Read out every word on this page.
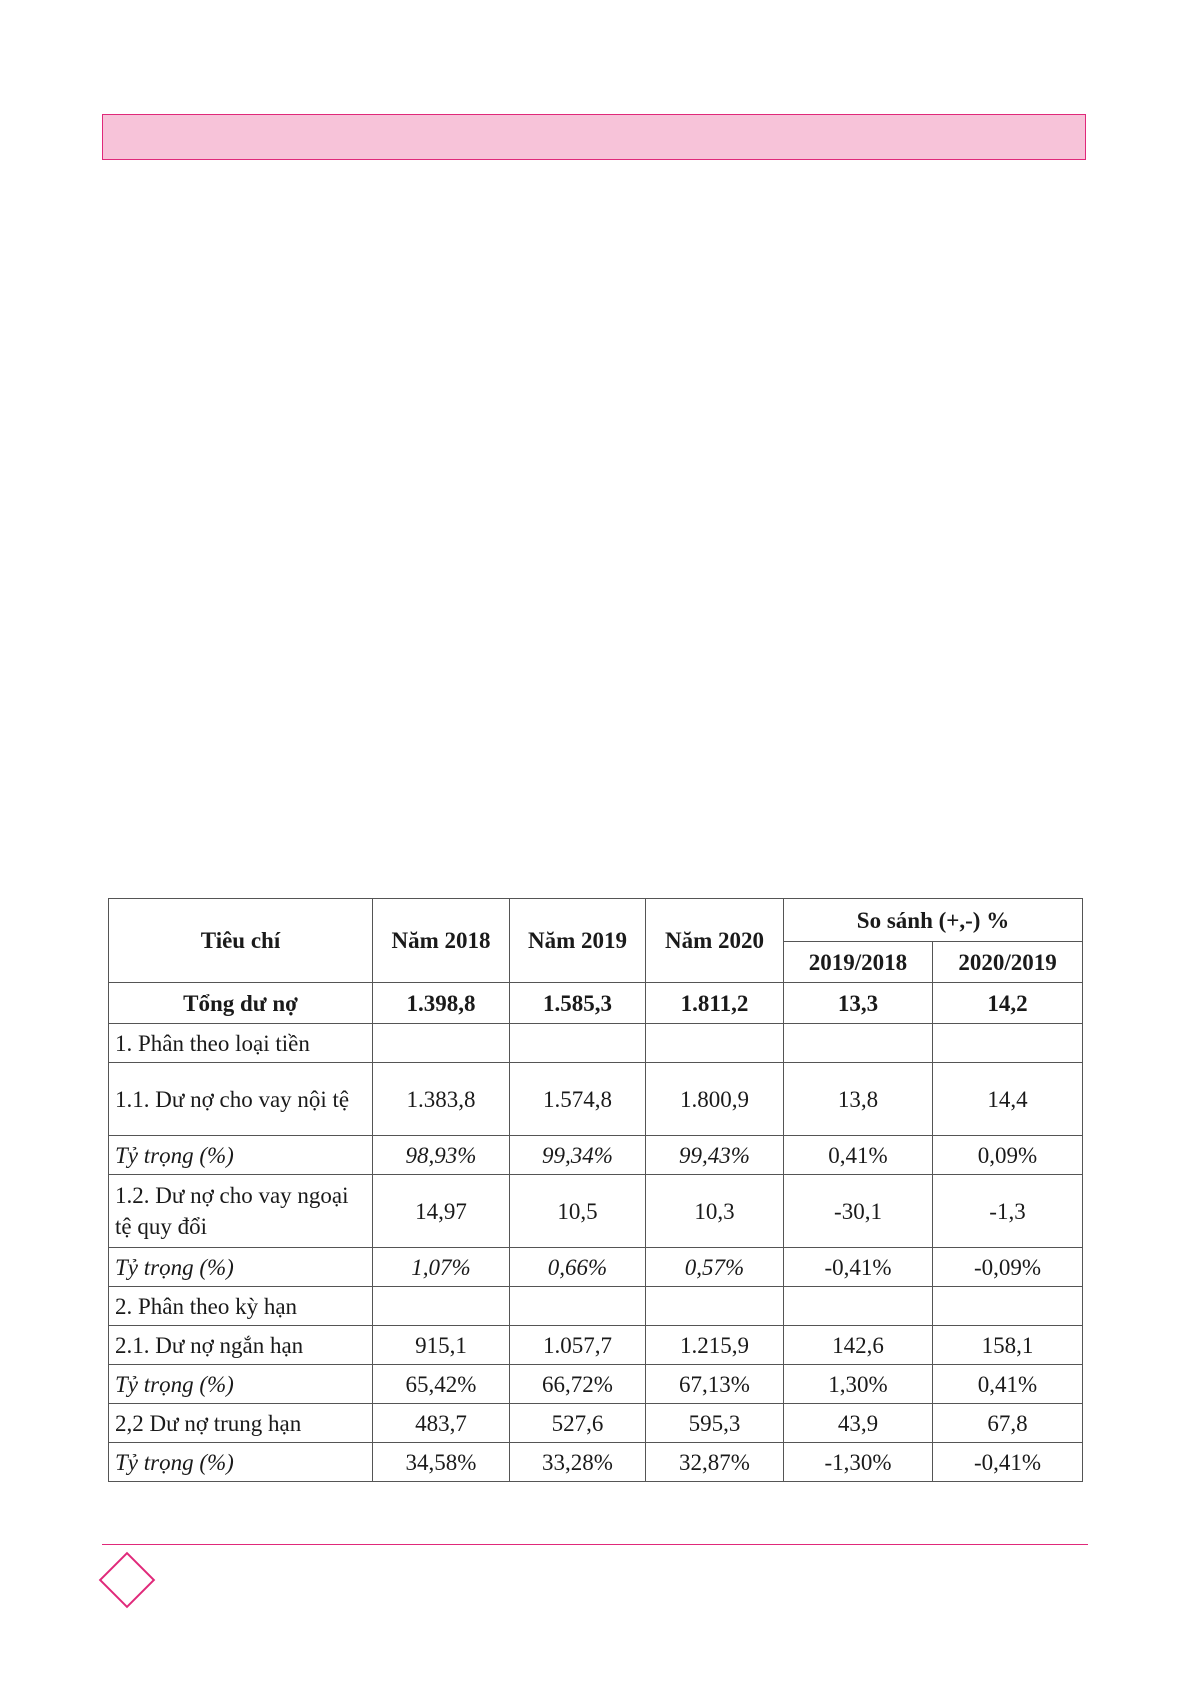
Tiêu chí	Năm 2018	Năm 2019	Năm 2020	So sánh (+,-) %	
				2019/2018	2020/2019
Tổng dư nợ	1.398,8	1.585,3	1.811,2	13,3	14,2
1. Phân theo loại tiền					
1.1. Dư nợ cho vay nội tệ	1.383,8	1.574,8	1.800,9	13,8	14,4
Tỷ trọng (%)	98,93%	99,34%	99,43%	0,41%	0,09%
1.2. Dư nợ cho vay ngoại tệ quy đổi	14,97	10,5	10,3	-30,1	-1,3
Tỷ trọng (%)	1,07%	0,66%	0,57%	-0,41%	-0,09%
2. Phân theo kỳ hạn					
2.1. Dư nợ ngắn hạn	915,1	1.057,7	1.215,9	142,6	158,1
Tỷ trọng (%)	65,42%	66,72%	67,13%	1,30%	0,41%
2,2 Dư nợ trung hạn	483,7	527,6	595,3	43,9	67,8
Tỷ trọng (%)	34,58%	33,28%	32,87%	-1,30%	-0,41%
